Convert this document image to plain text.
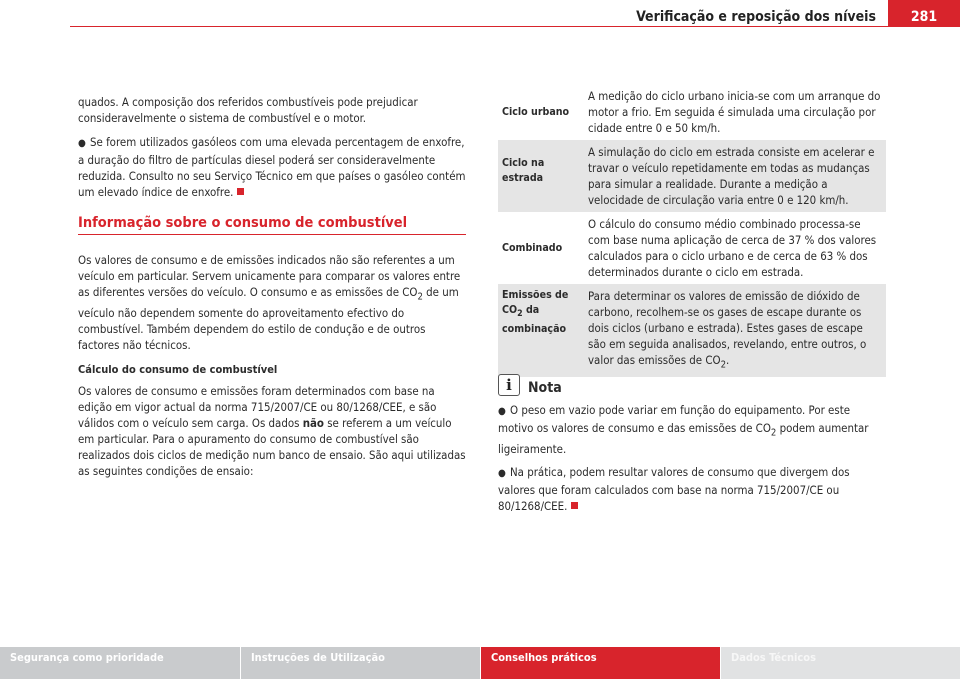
Verificação e reposição dos níveis	281

quados. A composição dos referidos combustíveis pode prejudicar consideravelmente o sistema de combustível e o motor.

● Se forem utilizados gasóleos com uma elevada percentagem de enxofre, a duração do filtro de partículas diesel poderá ser consideravelmente reduzida. Consulto no seu Serviço Técnico em que países o gasóleo contém um elevado índice de enxofre.

Informação sobre o consumo de combustível

Os valores de consumo e de emissões indicados não são referentes a um veículo em particular. Servem unicamente para comparar os valores entre as diferentes versões do veículo. O consumo e as emissões de $CO_2$ de um veículo não dependem somente do aproveitamento efectivo do combustível. Também dependem do estilo de condução e de outros factores não técnicos.

Cálculo do consumo de combustível

Os valores de consumo e emissões foram determinados com base na edição em vigor actual da norma 715/2007/CE ou 80/1268/CEE, e são válidos com o veículo sem carga. Os dados não se referem a um veículo em particular. Para o apuramento do consumo de combustível são realizados dois ciclos de medição num banco de ensaio. São aqui utilizadas as seguintes condições de ensaio:

Ciclo urbano	A medição do ciclo urbano inicia-se com um arranque do motor a frio. Em seguida é simulada uma circulação por cidade entre 0 e 50 km/h.
Ciclo na estrada	A simulação do ciclo em estrada consiste em acelerar e travar o veículo repetidamente em todas as mudanças para simular a realidade. Durante a medição a velocidade de circulação varia entre 0 e 120 km/h.
Combinado	O cálculo do consumo médio combinado processa-se com base numa aplicação de cerca de 37 % dos valores calculados para o ciclo urbano e de cerca de 63 % dos determinados durante o ciclo em estrada.
Emissões de $CO_2$ da combinação	Para determinar os valores de emissão de dióxido de carbono, recolhem-se os gases de escape durante os dois ciclos (urbano e estrada). Estes gases de escape são em seguida analisados, revelando, entre outros, o valor das emissões de $CO_2$.
i	Nota

● O peso em vazio pode variar em função do equipamento. Por este motivo os valores de consumo e das emissões de $CO_2$ podem aumentar ligeiramente.

● Na prática, podem resultar valores de consumo que divergem dos valores que foram calculados com base na norma 715/2007/CE ou 80/1268/CEE.

Segurança como prioridade	Instruções de Utilização	Conselhos práticos	Dados Técnicos
